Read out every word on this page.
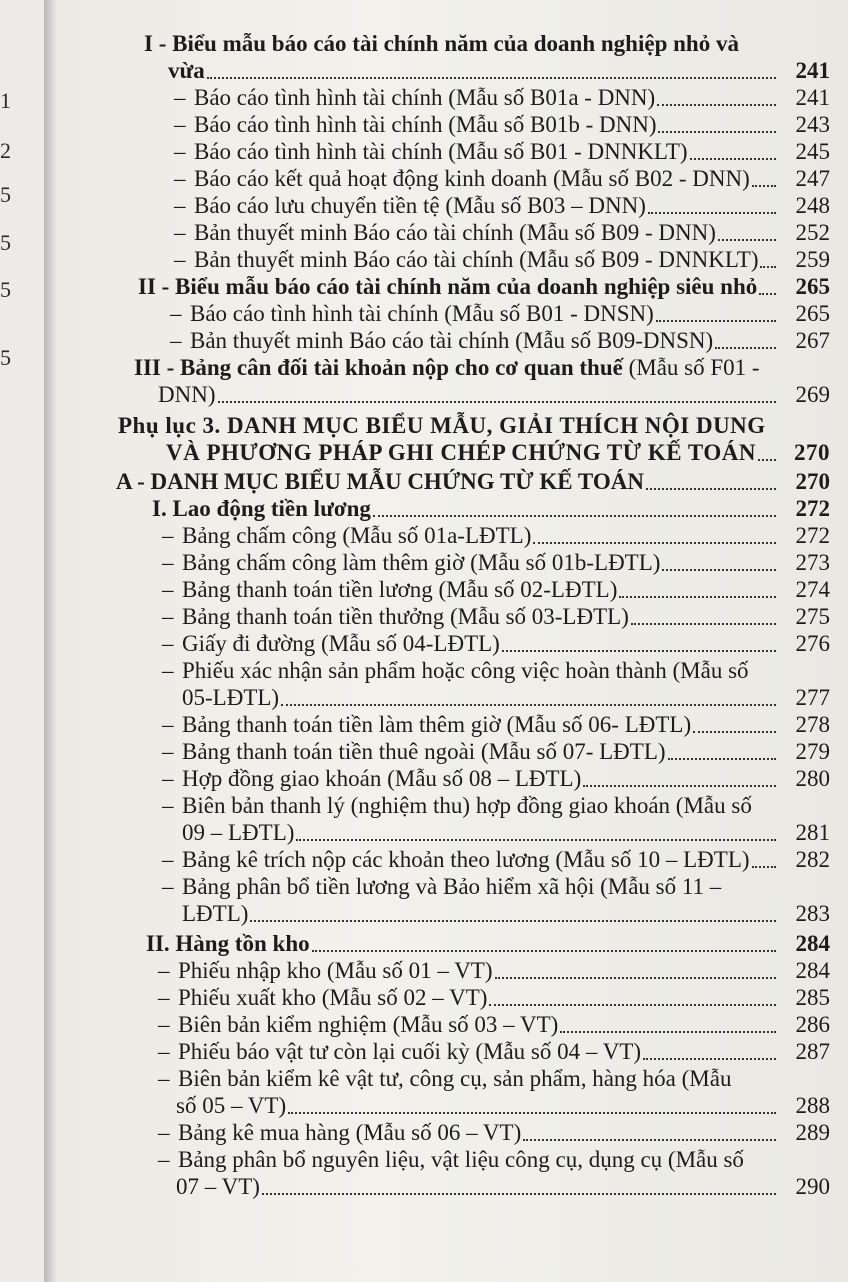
1
2
5
5
5
5
I - Biểu mẫu báo cáo tài chính năm của doanh nghiệp nhỏ và
vừa	241
– Báo cáo tình hình tài chính (Mẫu số B01a - DNN)	241
– Báo cáo tình hình tài chính (Mẫu số B01b - DNN)	243
– Báo cáo tình hình tài chính (Mẫu số B01 - DNNKLT)	245
– Báo cáo kết quả hoạt động kinh doanh (Mẫu số B02 - DNN)	247
– Báo cáo lưu chuyển tiền tệ (Mẫu số B03 – DNN)	248
– Bản thuyết minh Báo cáo tài chính (Mẫu số B09 - DNN)	252
– Bản thuyết minh Báo cáo tài chính (Mẫu số B09 - DNNKLT)	259
II - Biểu mẫu báo cáo tài chính năm của doanh nghiệp siêu nhỏ	265
– Báo cáo tình hình tài chính (Mẫu số B01 - DNSN)	265
– Bản thuyết minh Báo cáo tài chính (Mẫu số B09-DNSN)	267
III - Bảng cân đối tài khoản nộp cho cơ quan thuế (Mẫu số F01 -
DNN)	269
Phụ lục 3. DANH MỤC BIỂU MẪU, GIẢI THÍCH NỘI DUNG
VÀ PHƯƠNG PHÁP GHI CHÉP CHỨNG TỪ KẾ TOÁN	270
A - DANH MỤC BIỂU MẪU CHỨNG TỪ KẾ TOÁN	270
I. Lao động tiền lương	272
– Bảng chấm công (Mẫu số 01a-LĐTL)	272
– Bảng chấm công làm thêm giờ (Mẫu số 01b-LĐTL)	273
– Bảng thanh toán tiền lương (Mẫu số 02-LĐTL)	274
– Bảng thanh toán tiền thưởng (Mẫu số 03-LĐTL)	275
– Giấy đi đường (Mẫu số 04-LĐTL)	276
– Phiếu xác nhận sản phẩm hoặc công việc hoàn thành (Mẫu số
05-LĐTL)	277
– Bảng thanh toán tiền làm thêm giờ (Mẫu số 06- LĐTL)	278
– Bảng thanh toán tiền thuê ngoài (Mẫu số 07- LĐTL)	279
– Hợp đồng giao khoán (Mẫu số 08 – LĐTL)	280
– Biên bản thanh lý (nghiệm thu) hợp đồng giao khoán (Mẫu số
09 – LĐTL)	281
– Bảng kê trích nộp các khoản theo lương (Mẫu số 10 – LĐTL)	282
– Bảng phân bổ tiền lương và Bảo hiểm xã hội (Mẫu số 11 –
LĐTL)	283
II. Hàng tồn kho	284
– Phiếu nhập kho (Mẫu số 01 – VT)	284
– Phiếu xuất kho (Mẫu số 02 – VT)	285
– Biên bản kiểm nghiệm (Mẫu số 03 – VT)	286
– Phiếu báo vật tư còn lại cuối kỳ (Mẫu số 04 – VT)	287
– Biên bản kiểm kê vật tư, công cụ, sản phẩm, hàng hóa (Mẫu
số 05 – VT)	288
– Bảng kê mua hàng (Mẫu số 06 – VT)	289
– Bảng phân bổ nguyên liệu, vật liệu công cụ, dụng cụ (Mẫu số
07 – VT)	290
